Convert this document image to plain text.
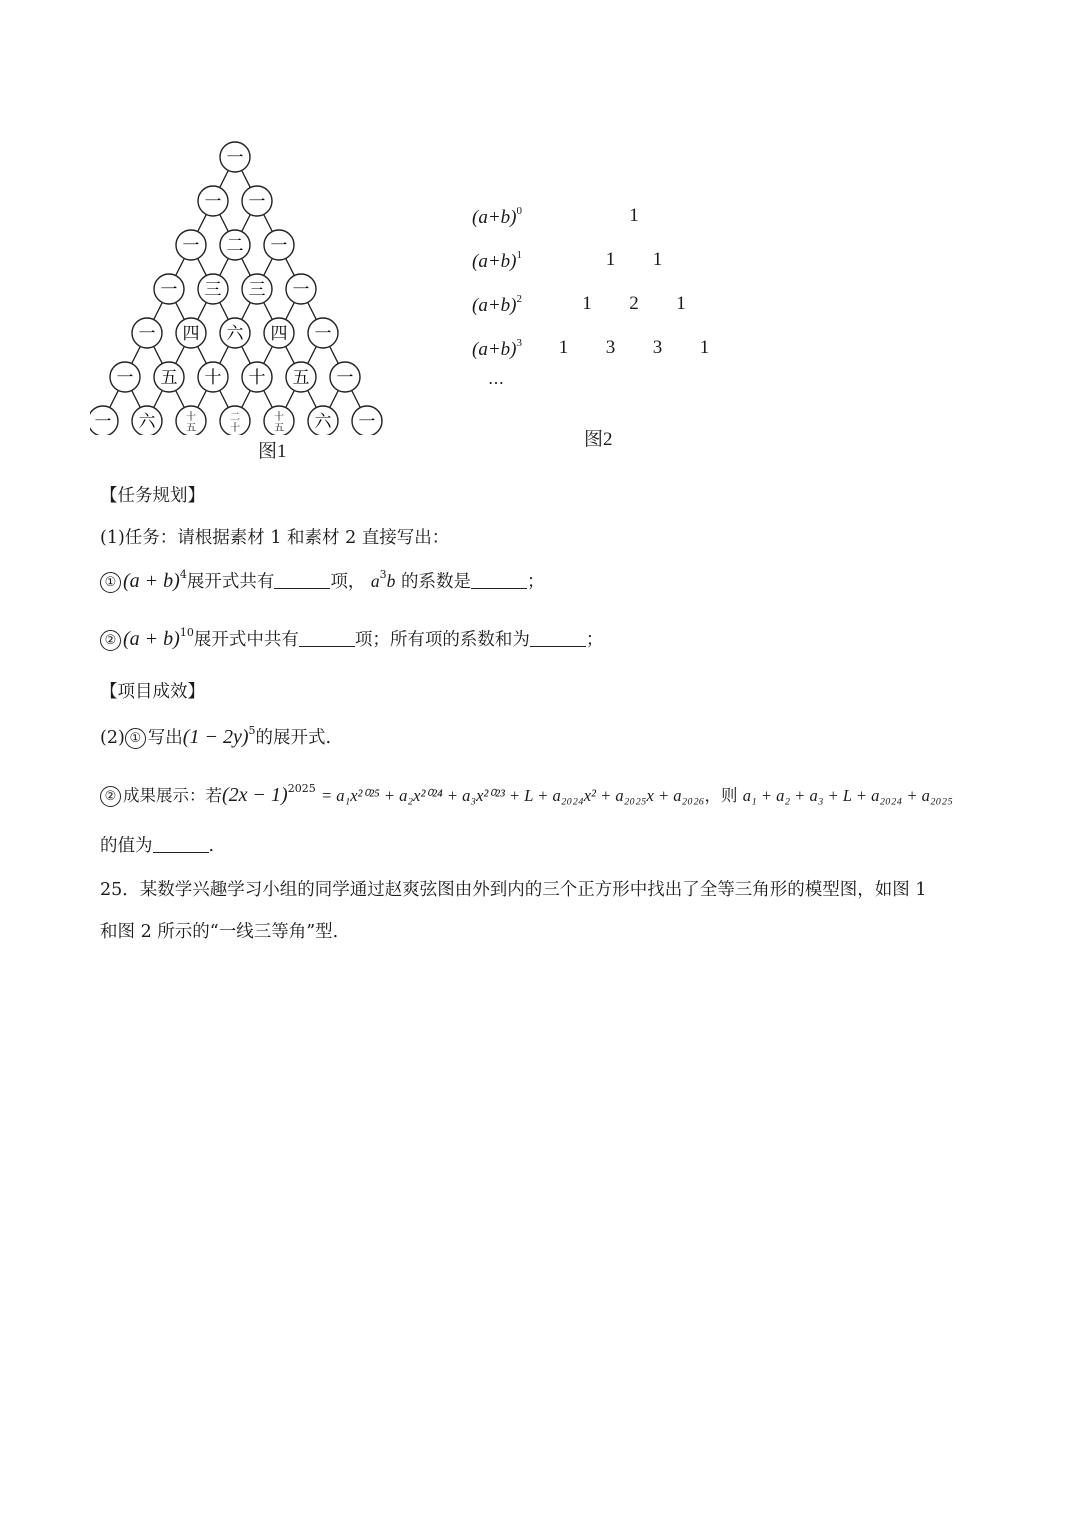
一
一 一
一 二 一
一 三 三 一
一 四 六 四 一
一 五 十 十 五 一
一 六	十
五
二
十
十
五 六 一
图1
$(a+b)^0$	1
$(a+b)^1$	1 1
$(a+b)^2$	1 2 1
$(a+b)^3$ 1 3 3 1
…
图2
【任务规划】
(1)任务：请根据素材 1 和素材 2 直接写出：
① $(a + b)^4$展开式共有	项， $a^3b$ 的系数是	；
② $(a + b)^{10}$展开式中共有	项；所有项的系数和为	；
【项目成效】
(2) ① 写出$(1 - 2y)^5$的展开式.
② 成果展示：若$(2x - 1)^{2025} = a_1x^{2025} + a_2x^{2024} + a_3x^{2023} + L + a_{2024}x^2 + a_{2025}x + a_{2026}$，则 a₁ + a₂ + a₃ + L + a₂₀₂₄ + a₂₀₂₅
的值为	.
25．某数学兴趣学习小组的同学通过赵爽弦图由外到内的三个正方形中找出了全等三角形的模型图，如图 1
和图 2 所示的“一线三等角”型.
